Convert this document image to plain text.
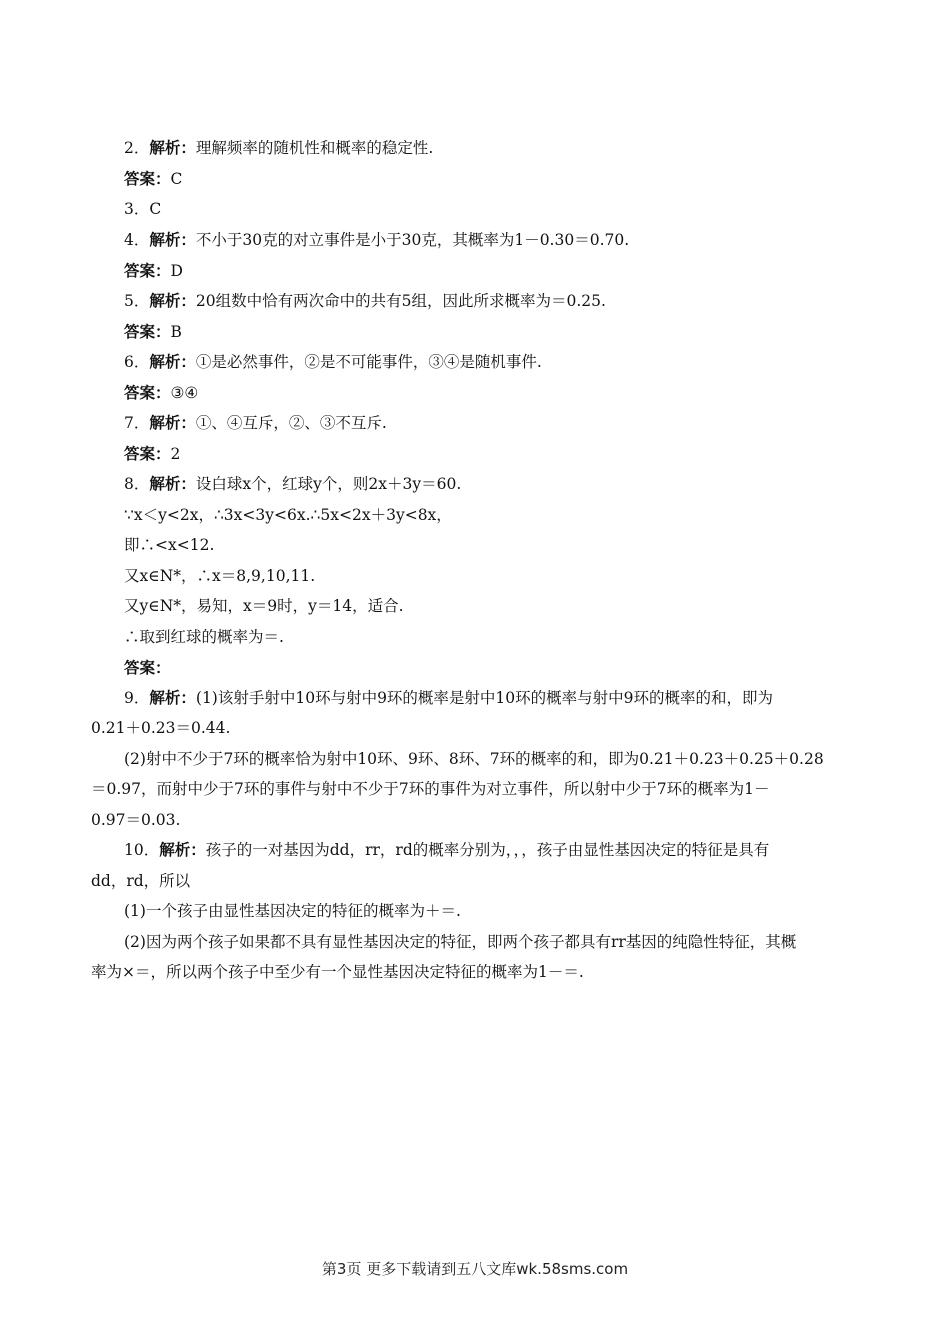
2．解析：理解频率的随机性和概率的稳定性.
答案：C
3．C
4．解析：不小于30克的对立事件是小于30克，其概率为1－0.30＝0.70.
答案：D
5．解析：20组数中恰有两次命中的共有5组，因此所求概率为＝0.25.
答案：B
6．解析：①是必然事件，②是不可能事件，③④是随机事件.
答案：③④
7．解析：①、④互斥，②、③不互斥.
答案：2
8．解析：设白球x个，红球y个，则2x＋3y＝60.
∵x＜y<2x，∴3x<3y<6x.∴5x<2x＋3y<8x，
即∴<x<12.
又x∈N*，∴x＝8,9,10,11.
又y∈N*，易知，x＝9时，y＝14，适合.
∴取到红球的概率为＝.
答案：
9．解析：(1)该射手射中10环与射中9环的概率是射中10环的概率与射中9环的概率的和，即为
0.21＋0.23＝0.44.
(2)射中不少于7环的概率恰为射中10环、9环、8环、7环的概率的和，即为0.21＋0.23＋0.25＋0.28
＝0.97，而射中少于7环的事件与射中不少于7环的事件为对立事件，所以射中少于7环的概率为1－
0.97＝0.03.
10．解析：孩子的一对基因为dd，rr，rd的概率分别为，，，孩子由显性基因决定的特征是具有
dd，rd，所以
(1)一个孩子由显性基因决定的特征的概率为＋＝.
(2)因为两个孩子如果都不具有显性基因决定的特征，即两个孩子都具有rr基因的纯隐性特征，其概
率为×＝，所以两个孩子中至少有一个显性基因决定特征的概率为1－＝.
第3页 更多下载请到五八文库wk.58sms.com
